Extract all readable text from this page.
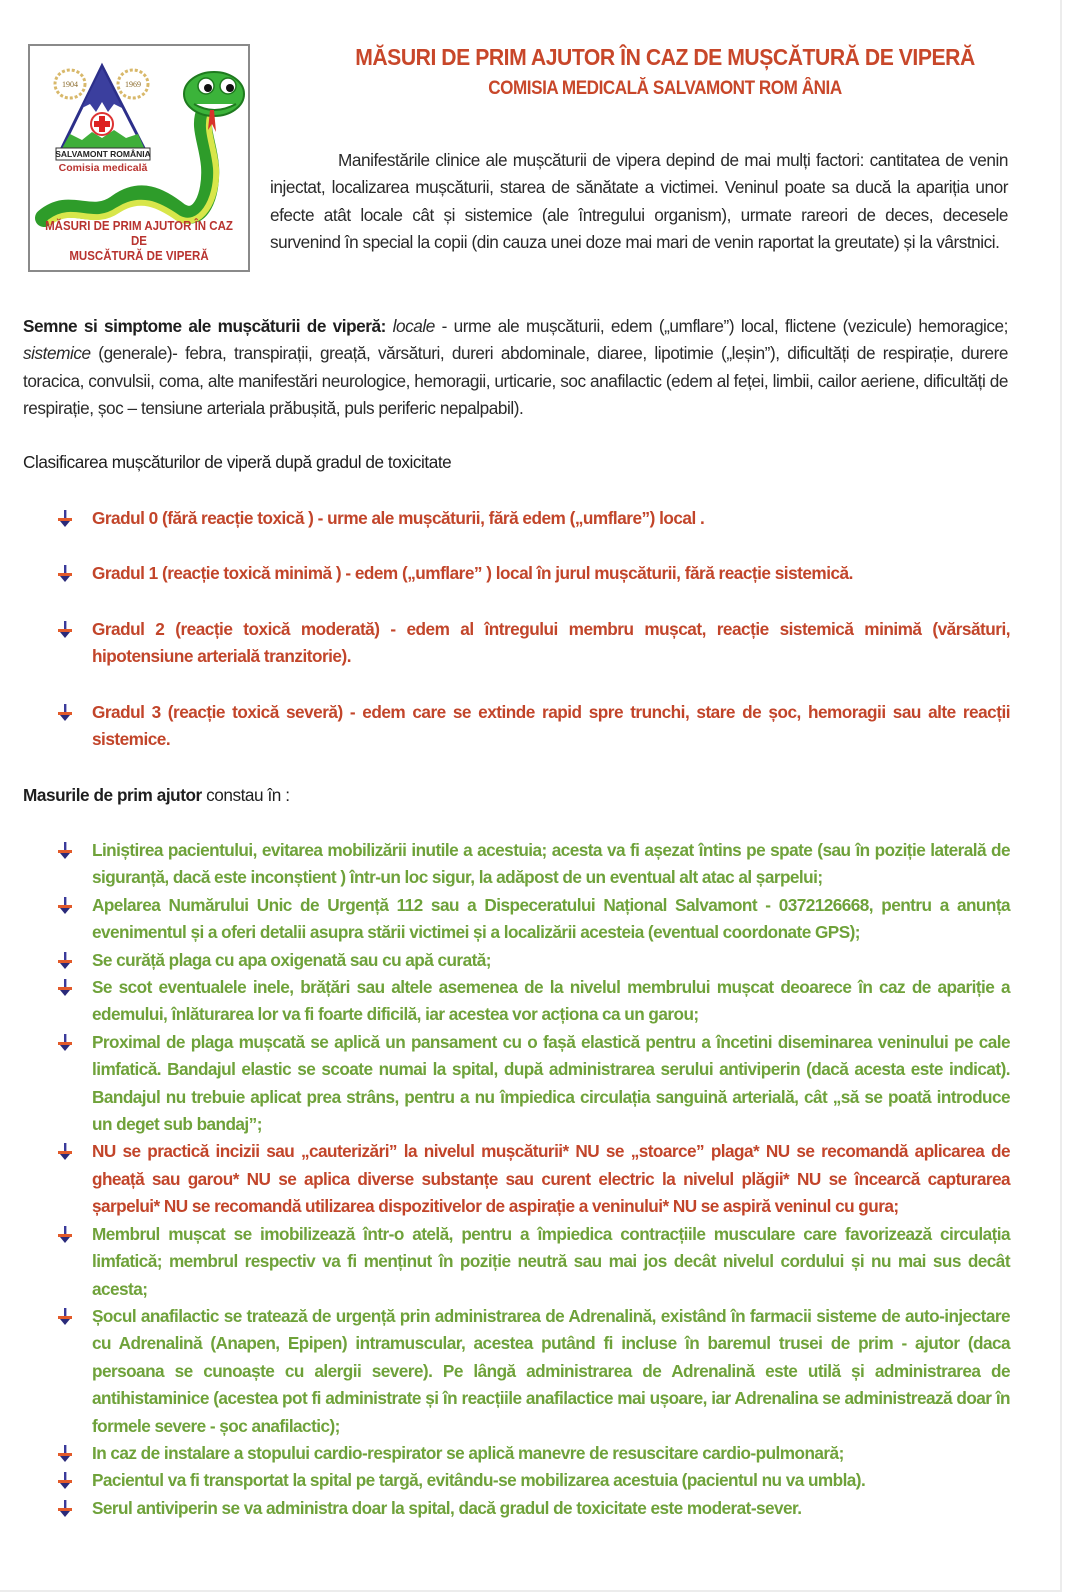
1904	1969
SALVAMONT ROMÂNIA
Comisia medicală
MĂSURI DE PRIM AJUTOR ÎN CAZ DE
MUSCĂTURĂ DE VIPERĂ
MĂSURI DE PRIM AJUTOR ÎN CAZ DE MUȘCĂTURĂ DE VIPERĂ
COMISIA MEDICALĂ SALVAMONT ROM ÂNIA
Manifestările clinice ale mușcăturii de vipera depind de mai mulți factori: cantitatea de venin injectat, localizarea mușcăturii, starea de sănătate a victimei. Veninul poate sa ducă la apariția unor efecte atât locale cât și sistemice (ale întregului organism), urmate rareori de deces, decesele survenind în special la copii (din cauza unei doze mai mari de venin raportat la greutate) și la vârstnici.
Semne si simptome ale mușcăturii de viperă: locale - urme ale mușcăturii, edem („umflare”) local, flictene (vezicule) hemoragice; sistemice (generale)- febra, transpirații, greață, vărsături, dureri abdominale, diaree, lipotimie („leșin”), dificultăți de respirație, durere toracica, convulsii, coma, alte manifestări neurologice, hemoragii, urticarie, soc anafilactic (edem al feței, limbii, cailor aeriene, dificultăți de respirație, șoc – tensiune arteriala prăbușită, puls periferic nepalpabil).
Clasificarea mușcăturilor de viperă după gradul de toxicitate
Gradul 0 (fără reacție toxică ) - urme ale mușcăturii, fără edem („umflare”) local .
Gradul 1 (reacție toxică minimă ) - edem („umflare” ) local în jurul mușcăturii, fără reacție sistemică.
Gradul 2 (reacție toxică moderată) - edem al întregului membru mușcat, reacție sistemică minimă (vărsături, hipotensiune arterială tranzitorie).
Gradul 3 (reacție toxică severă) - edem care se extinde rapid spre trunchi, stare de șoc, hemoragii sau alte reacții sistemice.
Masurile de prim ajutor constau în :
Liniștirea pacientului, evitarea mobilizării inutile a acestuia; acesta va fi așezat întins pe spate (sau în poziție laterală de siguranță, dacă este inconștient ) într-un loc sigur, la adăpost de un eventual alt atac al șarpelui;
Apelarea Numărului Unic de Urgență 112 sau a Dispeceratului Național Salvamont - 0372126668, pentru a anunța evenimentul și a oferi detalii asupra stării victimei și a localizării acesteia (eventual coordonate GPS);
Se curăță plaga cu apa oxigenată sau cu apă curată;
Se scot eventualele inele, brățări sau altele asemenea de la nivelul membrului mușcat deoarece în caz de apariție a edemului, înlăturarea lor va fi foarte dificilă, iar acestea vor acționa ca un garou;
Proximal de plaga mușcată se aplică un pansament cu o fașă elastică pentru a încetini diseminarea veninului pe cale limfatică. Bandajul elastic se scoate numai la spital, după administrarea serului antiviperin (dacă acesta este indicat). Bandajul nu trebuie aplicat prea strâns, pentru a nu împiedica circulația sanguină arterială, cât „să se poată introduce un deget sub bandaj”;
NU se practică incizii sau „cauterizări” la nivelul mușcăturii* NU se „stoarce” plaga* NU se recomandă aplicarea de gheață sau garou* NU se aplica diverse substanțe sau curent electric la nivelul plăgii* NU se încearcă capturarea șarpelui* NU se recomandă utilizarea dispozitivelor de aspirație a veninului* NU se aspiră veninul cu gura;
Membrul mușcat se imobilizează într-o atelă, pentru a împiedica contracțiile musculare care favorizează circulația limfatică; membrul respectiv va fi menținut în poziție neutră sau mai jos decât nivelul cordului și nu mai sus decât acesta;
Șocul anafilactic se tratează de urgență prin administrarea de Adrenalină, existând în farmacii sisteme de auto-injectare cu Adrenalină (Anapen, Epipen) intramuscular, acestea putând fi incluse în baremul trusei de prim - ajutor (daca persoana se cunoaște cu alergii severe). Pe lângă administrarea de Adrenalină este utilă și administrarea de antihistaminice (acestea pot fi administrate și în reacțiile anafilactice mai ușoare, iar Adrenalina se administrează doar în formele severe - șoc anafilactic);
In caz de instalare a stopului cardio-respirator se aplică manevre de resuscitare cardio-pulmonară;
Pacientul va fi transportat la spital pe targă, evitându-se mobilizarea acestuia (pacientul nu va umbla).
Serul antiviperin se va administra doar la spital, dacă gradul de toxicitate este moderat-sever.
